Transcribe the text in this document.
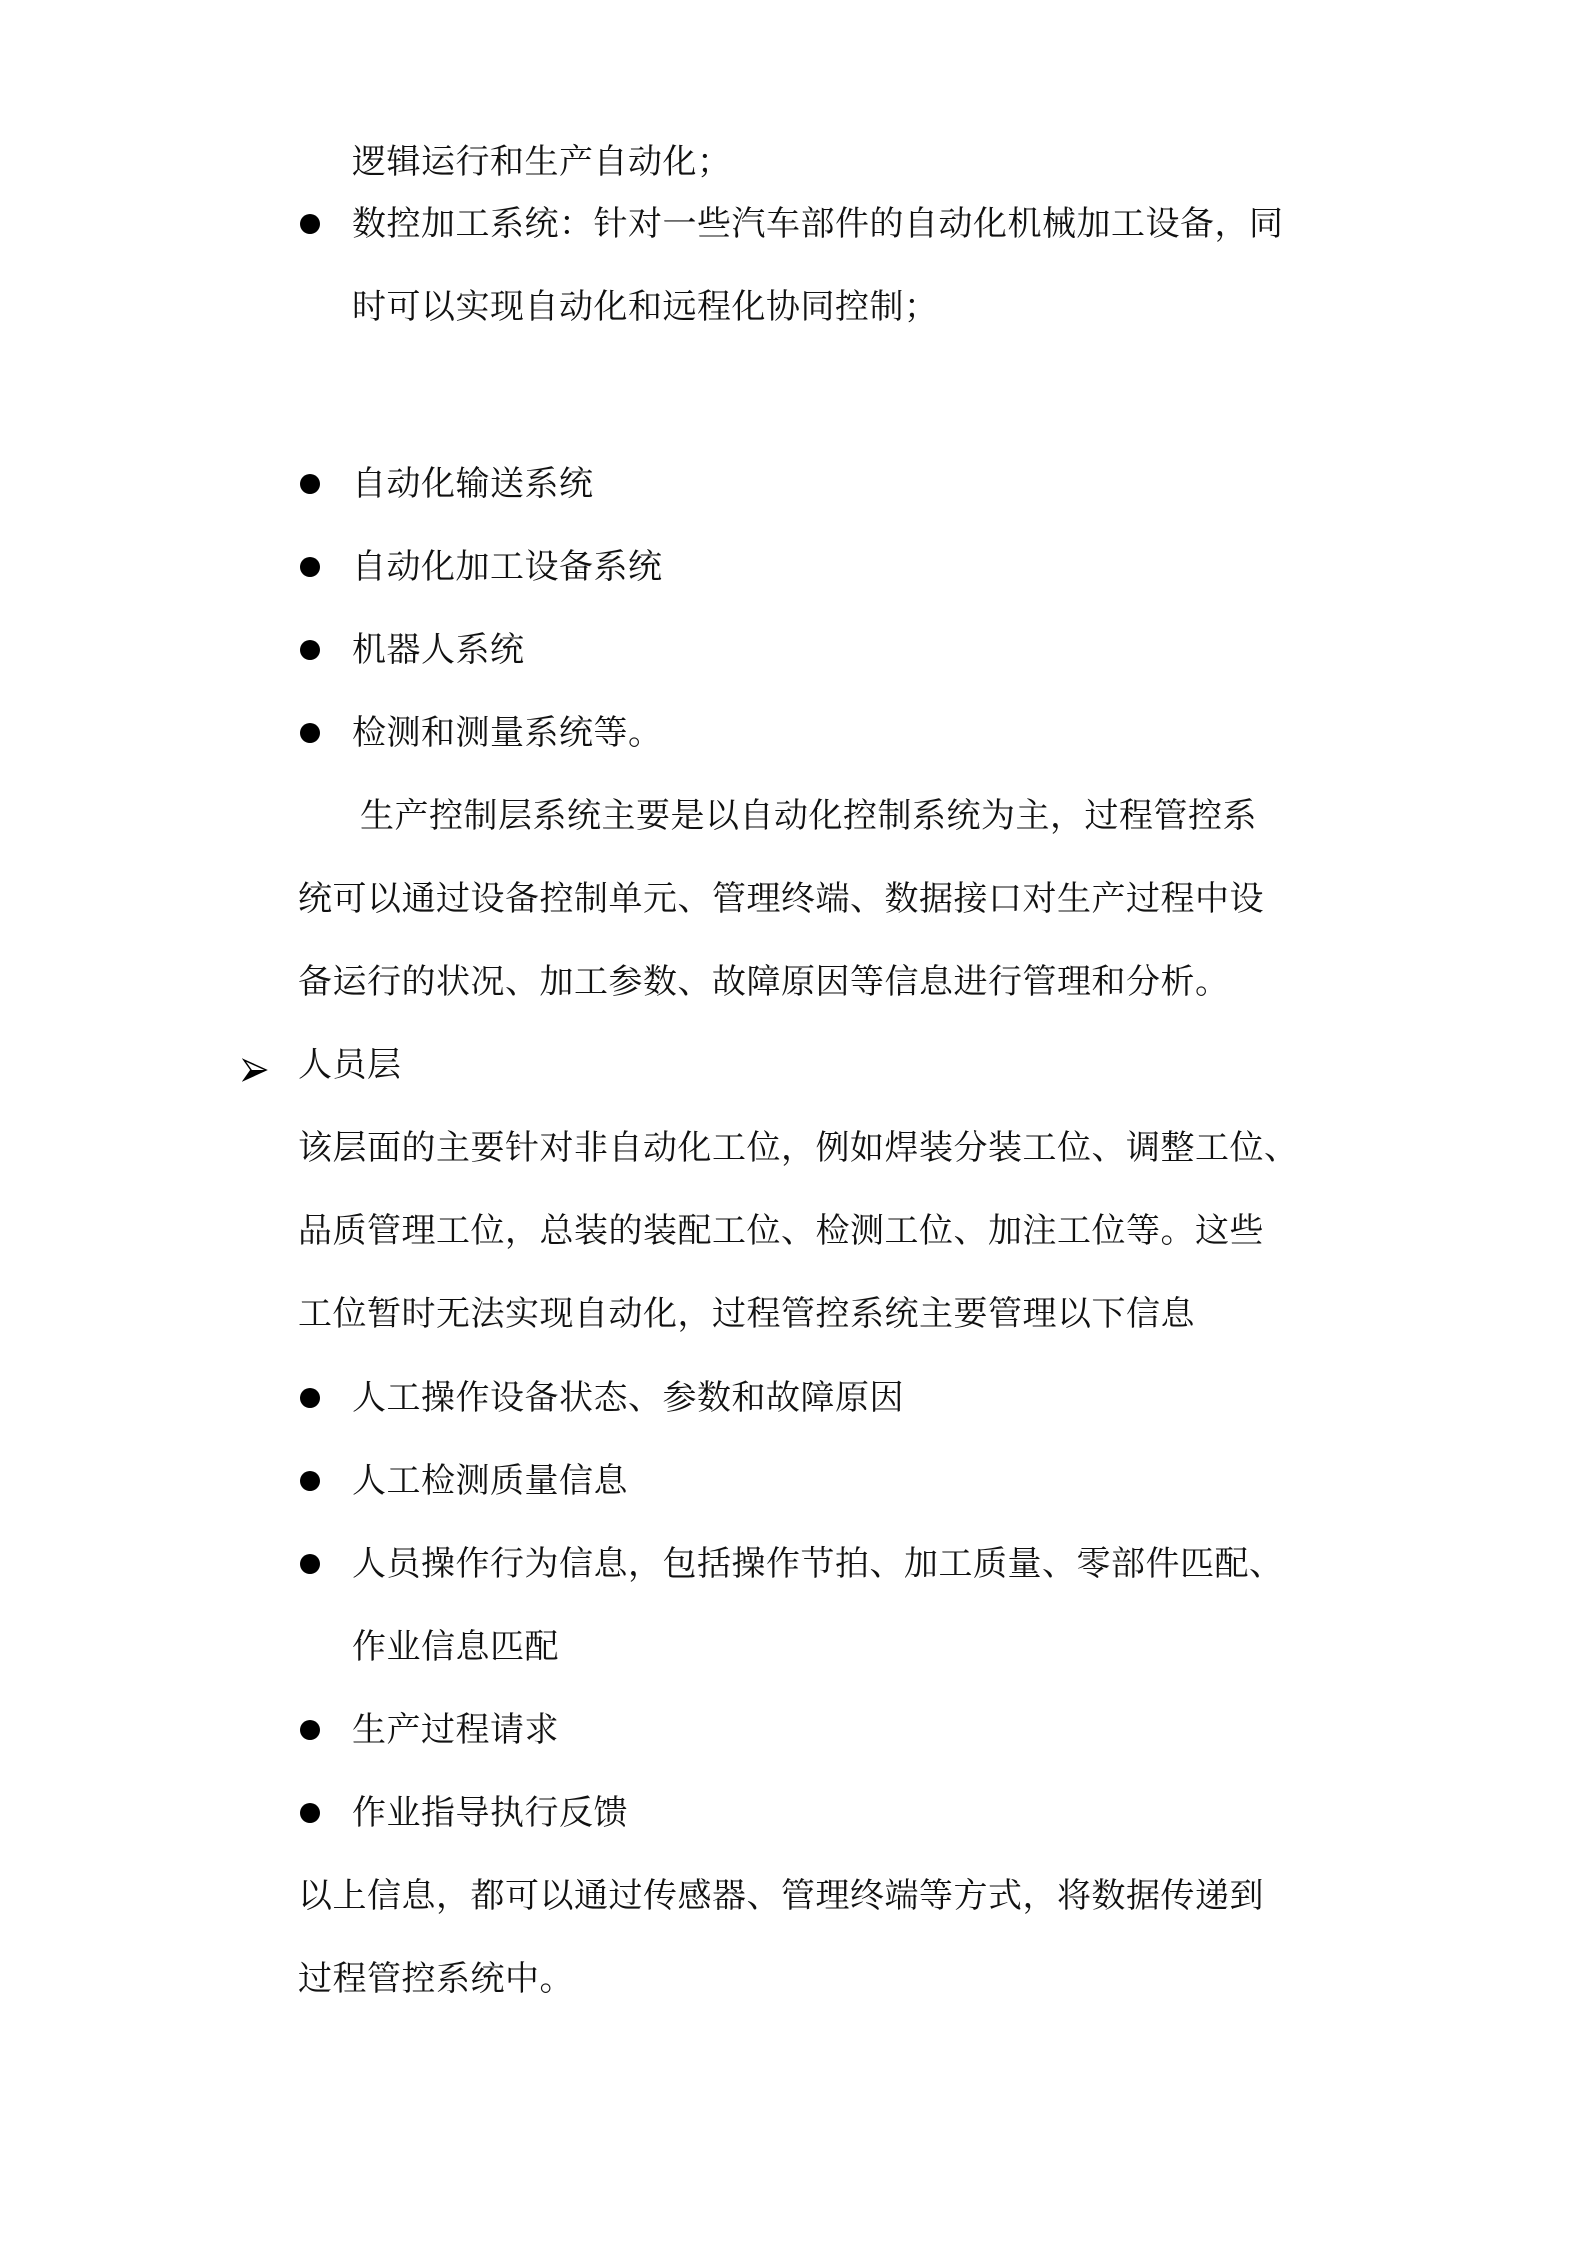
逻辑运行和生产自动化；
数控加工系统：针对一些汽车部件的自动化机械加工设备，同
时可以实现自动化和远程化协同控制；
自动化输送系统
自动化加工设备系统
机器人系统
检测和测量系统等。
生产控制层系统主要是以自动化控制系统为主，过程管控系
统可以通过设备控制单元、管理终端、数据接口对生产过程中设
备运行的状况、加工参数、故障原因等信息进行管理和分析。
人员层
该层面的主要针对非自动化工位，例如焊装分装工位、调整工位、
品质管理工位，总装的装配工位、检测工位、加注工位等。这些
工位暂时无法实现自动化，过程管控系统主要管理以下信息
人工操作设备状态、参数和故障原因
人工检测质量信息
人员操作行为信息，包括操作节拍、加工质量、零部件匹配、
作业信息匹配
生产过程请求
作业指导执行反馈
以上信息，都可以通过传感器、管理终端等方式，将数据传递到
过程管控系统中。
